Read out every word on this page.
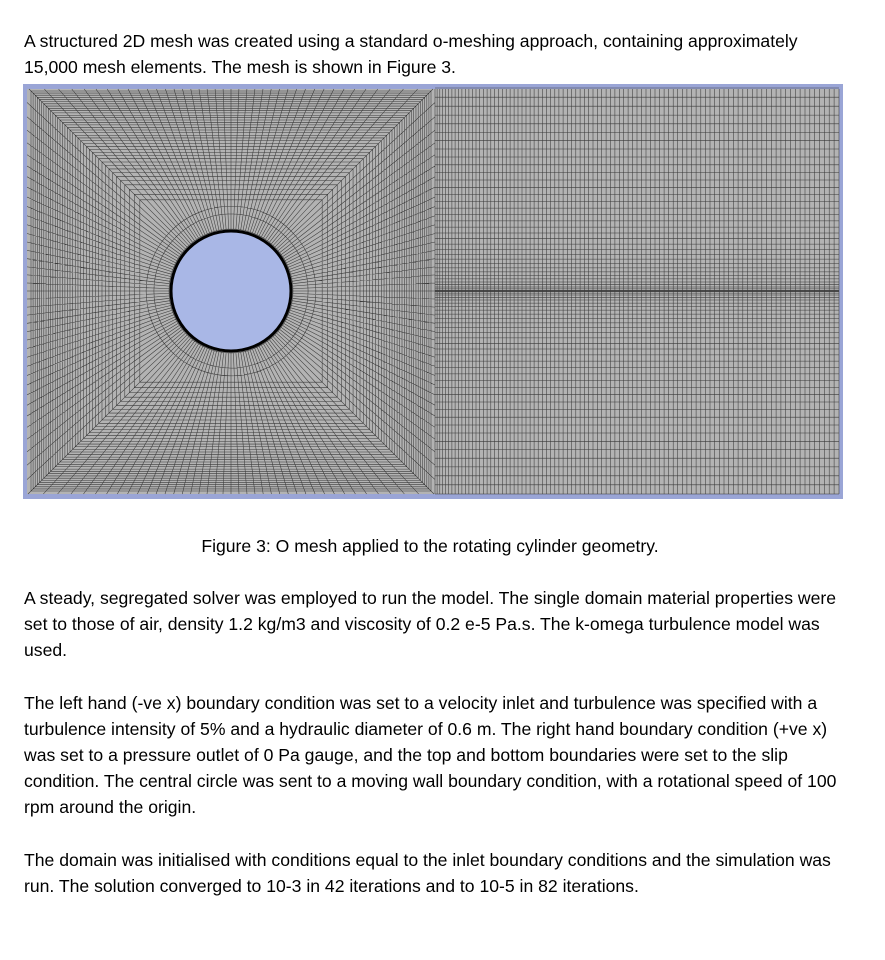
A structured 2D mesh was created using a standard o-meshing approach, containing approximately 15,000 mesh elements. The mesh is shown in Figure 3.

Figure 3: O mesh applied to the rotating cylinder geometry.

A steady, segregated solver was employed to run the model. The single domain material properties were set to those of air, density 1.2 kg/m3 and viscosity of 0.2 e-5 Pa.s. The k-omega turbulence model was used.

The left hand (-ve x) boundary condition was set to a velocity inlet and turbulence was specified with a turbulence intensity of 5% and a hydraulic diameter of 0.6 m. The right hand boundary condition (+ve x) was set to a pressure outlet of 0 Pa gauge, and the top and bottom boundaries were set to the slip condition. The central circle was sent to a moving wall boundary condition, with a rotational speed of 100 rpm around the origin.

The domain was initialised with conditions equal to the inlet boundary conditions and the simulation was run. The solution converged to 10-3 in 42 iterations and to 10-5 in 82 iterations.
